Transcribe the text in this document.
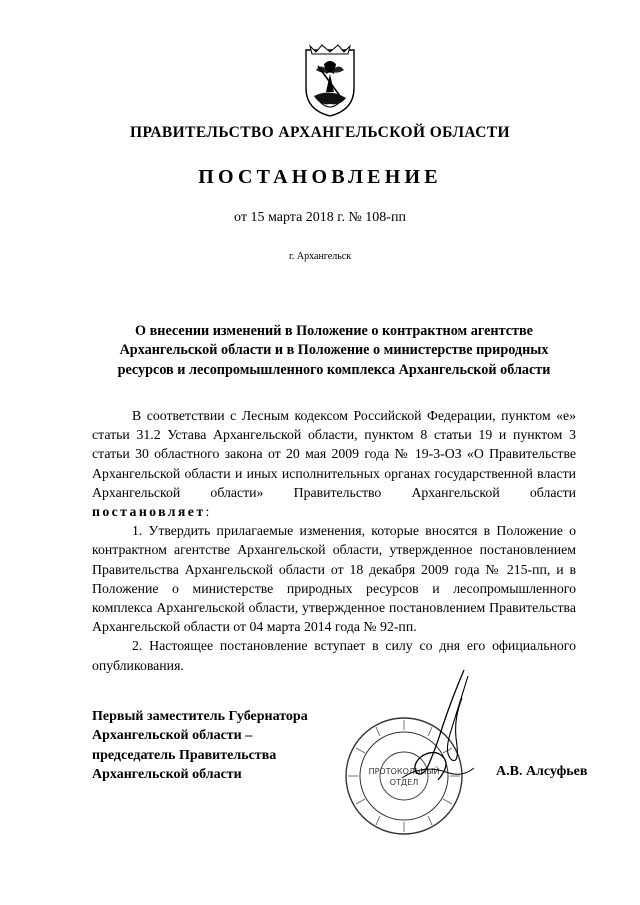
ПРАВИТЕЛЬСТВО АРХАНГЕЛЬСКОЙ ОБЛАСТИ
ПОСТАНОВЛЕНИЕ
от 15 марта 2018 г. № 108-пп
г. Архангельск
О внесении изменений в Положение о контрактном агентстве
Архангельской области и в Положение о министерстве природных
ресурсов и лесопромышленного комплекса Архангельской области

В соответствии с Лесным кодексом Российской Федерации, пунктом «е» статьи 31.2 Устава Архангельской области, пунктом 8 статьи 19 и пунктом 3 статьи 30 областного закона от 20 мая 2009 года № 19-3-ОЗ «О Правительстве Архангельской области и иных исполнительных органах государственной власти Архангельской области» Правительство Архангельской области постановляет:

1. Утвердить прилагаемые изменения, которые вносятся в Положение о контрактном агентстве Архангельской области, утвержденное постановлением Правительства Архангельской области от 18 декабря 2009 года № 215-пп, и в Положение о министерстве природных ресурсов и лесопромышленного комплекса Архангельской области, утвержденное постановлением Правительства Архангельской области от 04 марта 2014 года № 92-пп.

2. Настоящее постановление вступает в силу со дня его официального опубликования.

Первый заместитель Губернатора
Архангельской области –
председатель Правительства
Архангельской области	ПРОТОКОЛЬНЫЙ
ОТДЕЛ
А.В. Алсуфьев
